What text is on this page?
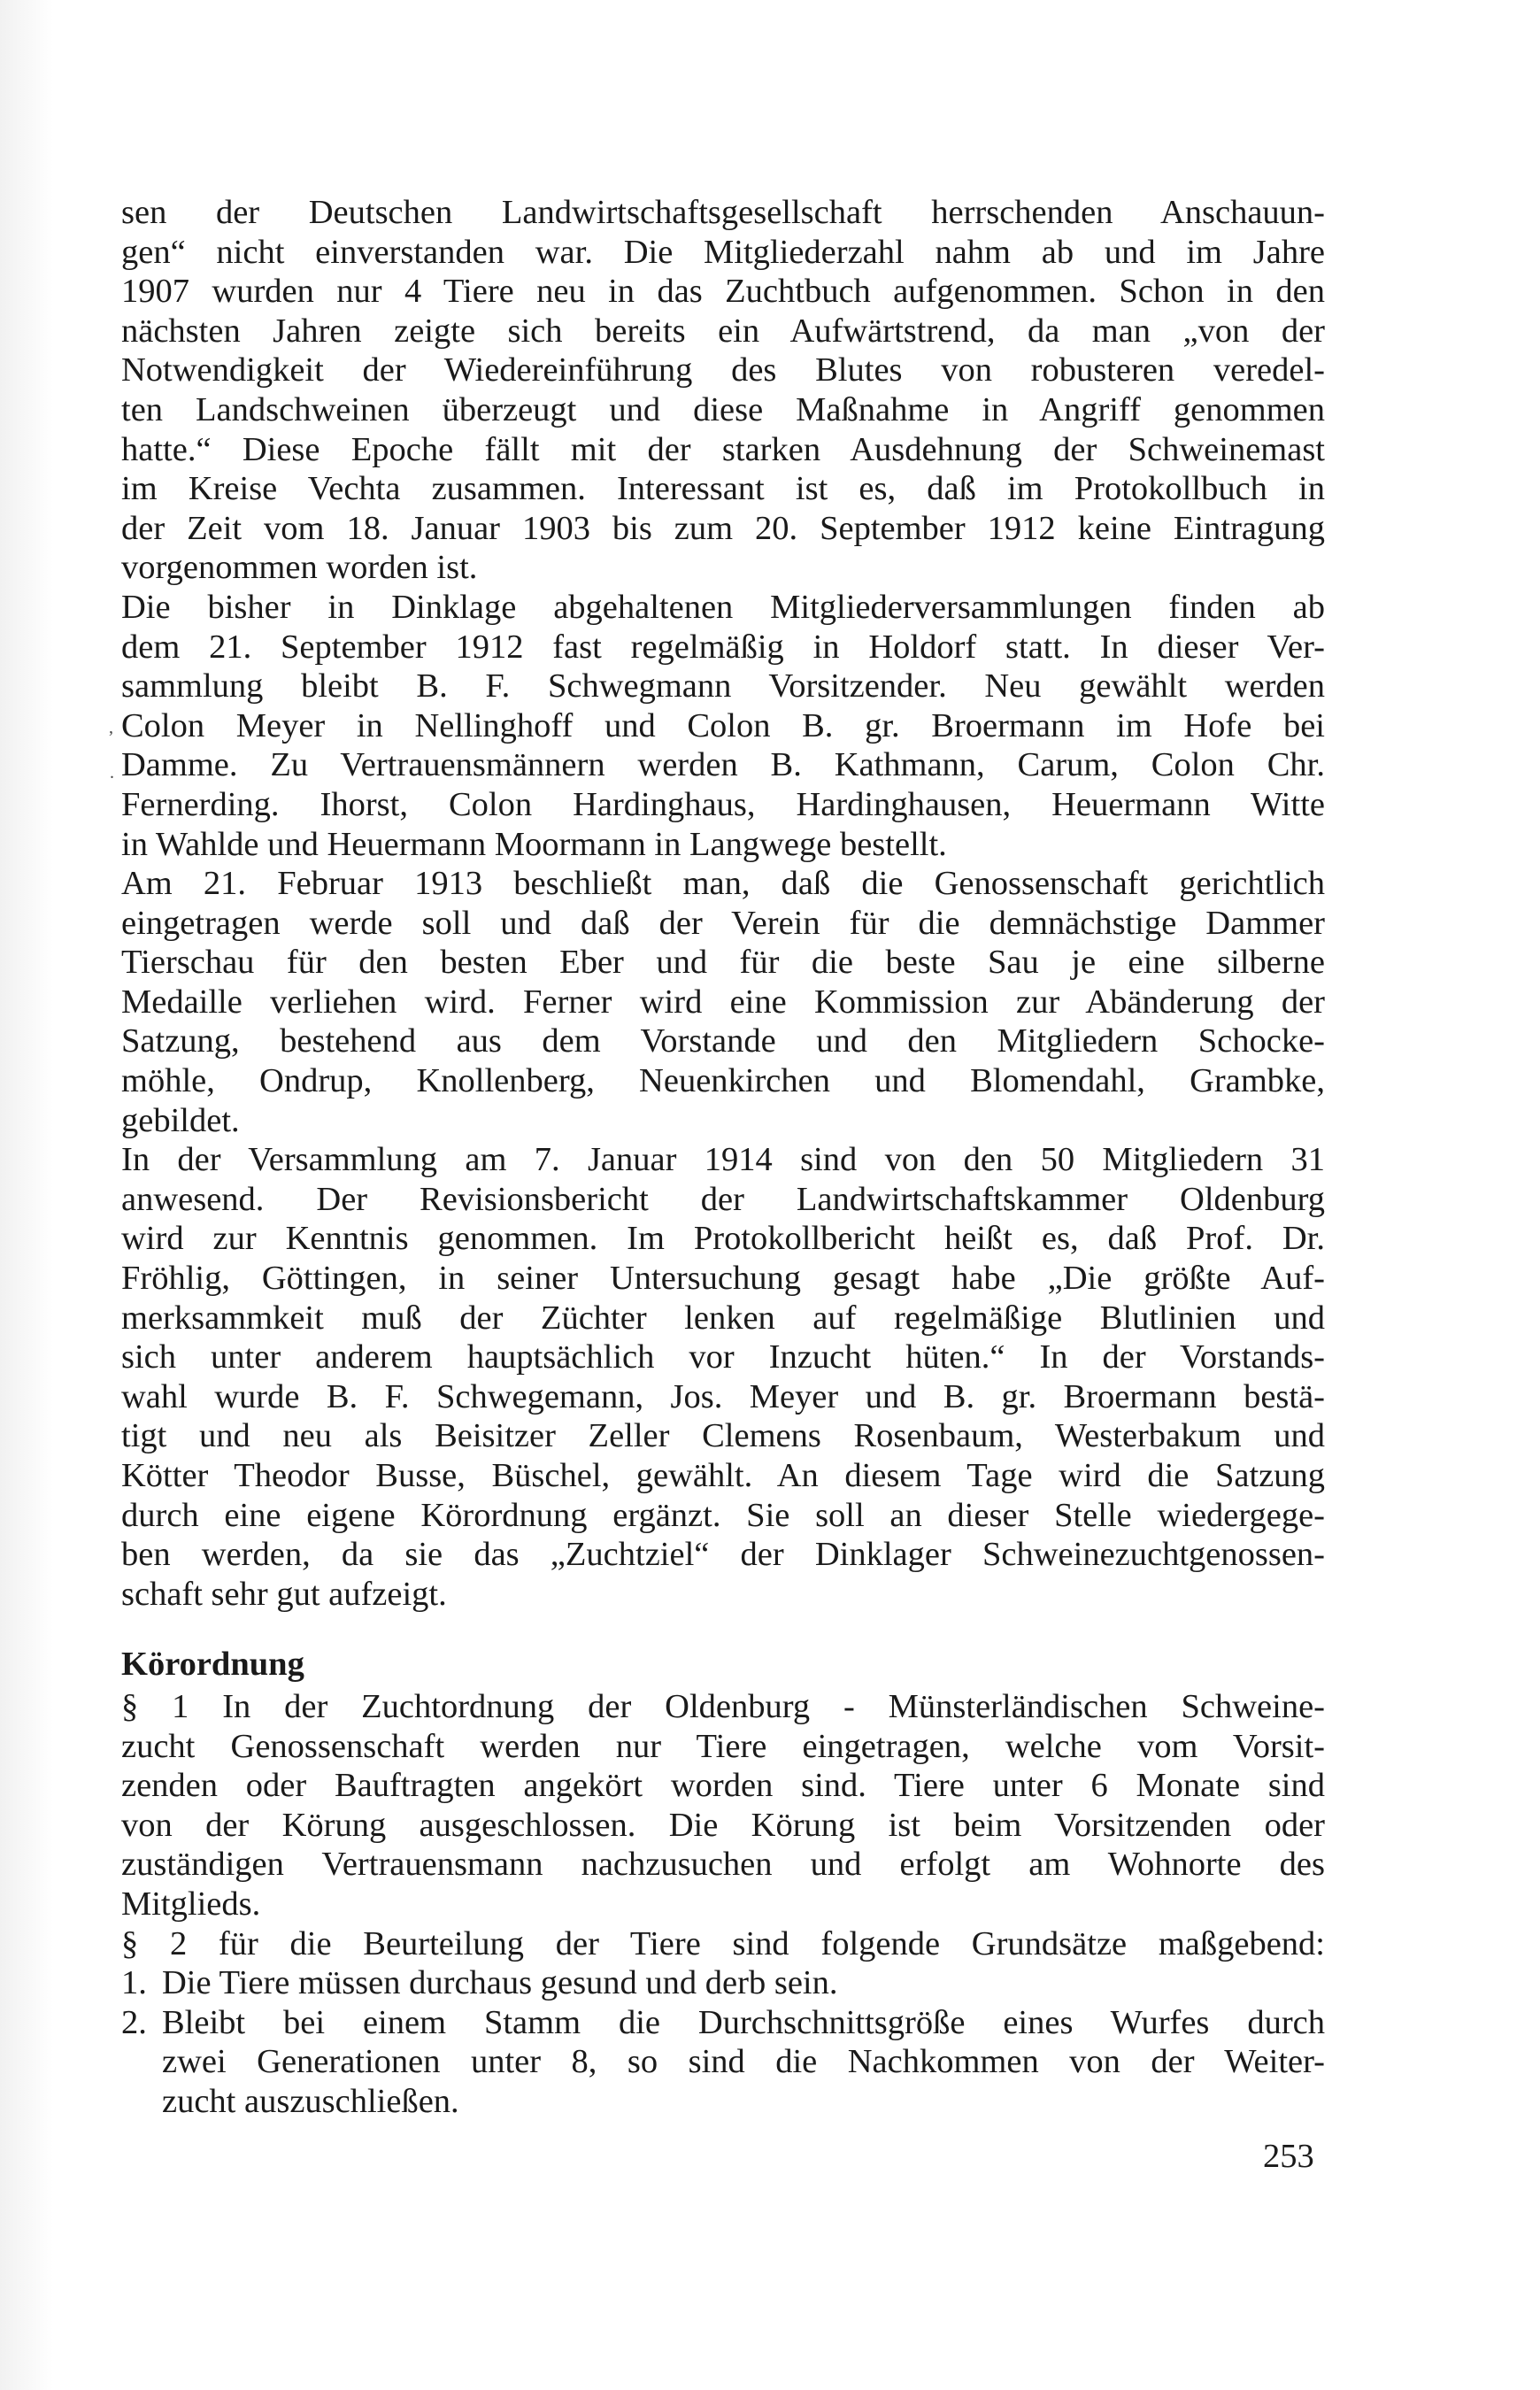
sen der Deutschen Landwirtschaftsgesellschaft herrschenden Anschauun-
gen“ nicht einverstanden war. Die Mitgliederzahl nahm ab und im Jahre
1907 wurden nur 4 Tiere neu in das Zuchtbuch aufgenommen. Schon in den
nächsten Jahren zeigte sich bereits ein Aufwärtstrend, da man „von der
Notwendigkeit der Wiedereinführung des Blutes von robusteren veredel-
ten Landschweinen überzeugt und diese Maßnahme in Angriff genommen
hatte.“ Diese Epoche fällt mit der starken Ausdehnung der Schweinemast
im Kreise Vechta zusammen. Interessant ist es, daß im Protokollbuch in
der Zeit vom 18. Januar 1903 bis zum 20. September 1912 keine Eintragung
vorgenommen worden ist.
Die bisher in Dinklage abgehaltenen Mitgliederversammlungen finden ab
dem 21. September 1912 fast regelmäßig in Holdorf statt. In dieser Ver-
sammlung bleibt B. F. Schwegmann Vorsitzender. Neu gewählt werden
Colon Meyer in Nellinghoff und Colon B. gr. Broermann im Hofe bei
Damme. Zu Vertrauensmännern werden B. Kathmann, Carum, Colon Chr.
Fernerding. Ihorst, Colon Hardinghaus, Hardinghausen, Heuermann Witte
in Wahlde und Heuermann Moormann in Langwege bestellt.
Am 21. Februar 1913 beschließt man, daß die Genossenschaft gerichtlich
eingetragen werde soll und daß der Verein für die demnächstige Dammer
Tierschau für den besten Eber und für die beste Sau je eine silberne
Medaille verliehen wird. Ferner wird eine Kommission zur Abänderung der
Satzung, bestehend aus dem Vorstande und den Mitgliedern Schocke-
möhle, Ondrup, Knollenberg, Neuenkirchen und Blomendahl, Grambke,
gebildet.
In der Versammlung am 7. Januar 1914 sind von den 50 Mitgliedern 31
anwesend. Der Revisionsbericht der Landwirtschaftskammer Oldenburg
wird zur Kenntnis genommen. Im Protokollbericht heißt es, daß Prof. Dr.
Fröhlig, Göttingen, in seiner Untersuchung gesagt habe „Die größte Auf-
merksammkeit muß der Züchter lenken auf regelmäßige Blutlinien und
sich unter anderem hauptsächlich vor Inzucht hüten.“ In der Vorstands-
wahl wurde B. F. Schwegemann, Jos. Meyer und B. gr. Broermann bestä-
tigt und neu als Beisitzer Zeller Clemens Rosenbaum, Westerbakum und
Kötter Theodor Busse, Büschel, gewählt. An diesem Tage wird die Satzung
durch eine eigene Körordnung ergänzt. Sie soll an dieser Stelle wiedergege-
ben werden, da sie das „Zuchtziel“ der Dinklager Schweinezuchtgenossen-
schaft sehr gut aufzeigt.
’
.
Körordnung
§ 1 In der Zuchtordnung der Oldenburg - Münsterländischen Schweine-
zucht Genossenschaft werden nur Tiere eingetragen, welche vom Vorsit-
zenden oder Bauftragten angekört worden sind. Tiere unter 6 Monate sind
von der Körung ausgeschlossen. Die Körung ist beim Vorsitzenden oder
zuständigen Vertrauensmann nachzusuchen und erfolgt am Wohnorte des
Mitglieds.
§ 2 für die Beurteilung der Tiere sind folgende Grundsätze maßgebend:
1. Die Tiere müssen durchaus gesund und derb sein.
2. Bleibt bei einem Stamm die Durchschnittsgröße eines Wurfes durch
zwei Generationen unter 8, so sind die Nachkommen von der Weiter-
zucht auszuschließen.
253
